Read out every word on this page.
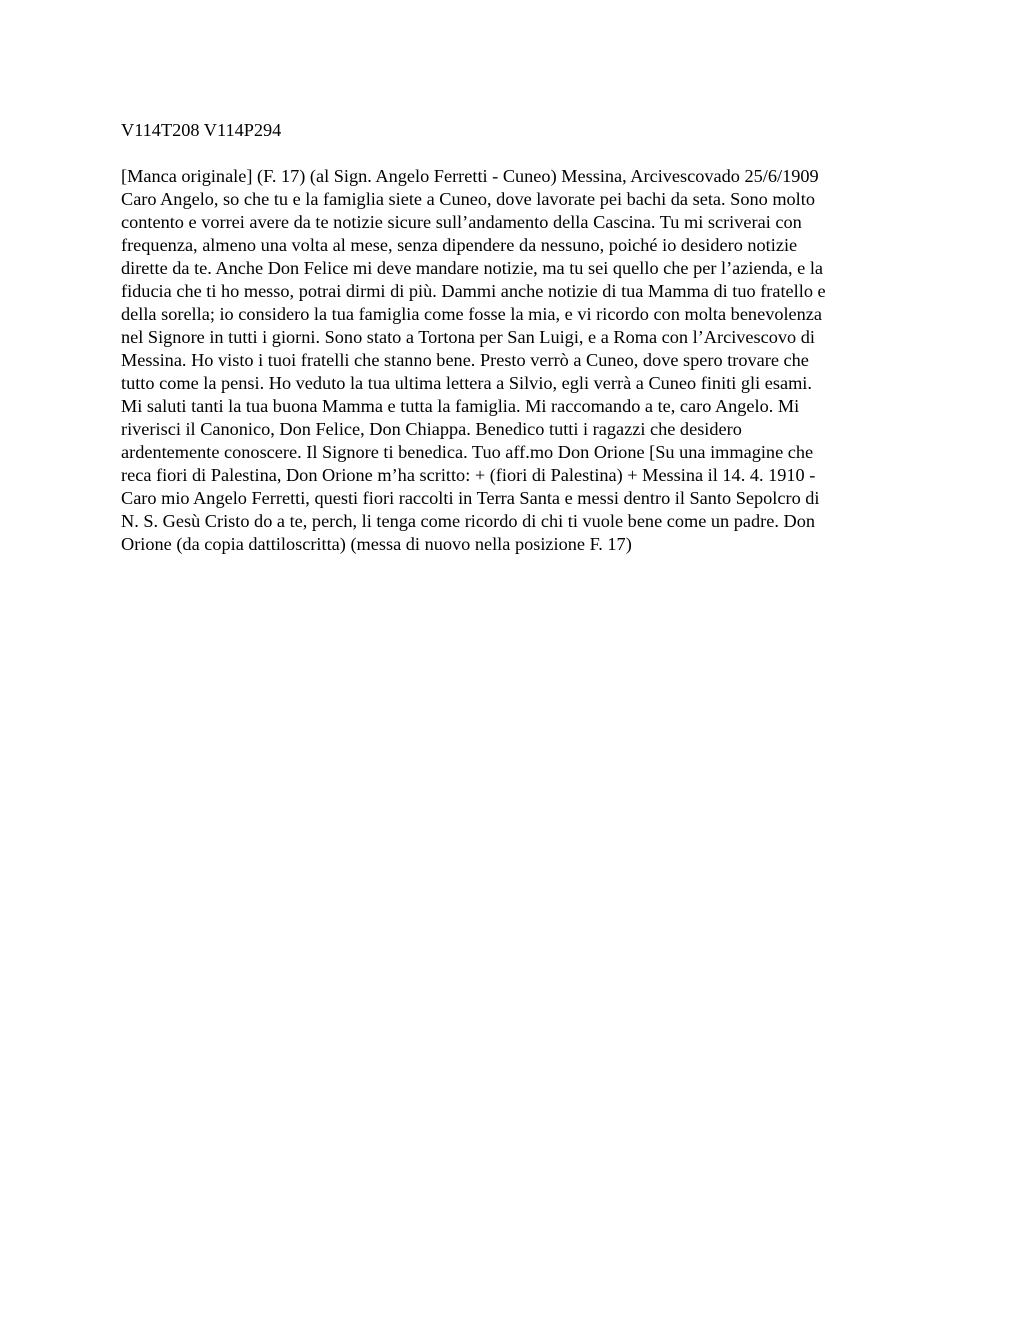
V114T208 V114P294

[Manca originale] (F. 17) (al Sign. Angelo Ferretti - Cuneo) Messina, Arcivescovado 25/6/1909
Caro Angelo, so che tu e la famiglia siete a Cuneo, dove lavorate pei bachi da seta. Sono molto
contento e vorrei avere da te notizie sicure sull’andamento della Cascina. Tu mi scriverai con
frequenza, almeno una volta al mese, senza dipendere da nessuno, poiché io desidero notizie
dirette da te. Anche Don Felice mi deve mandare notizie, ma tu sei quello che per l’azienda, e la
fiducia che ti ho messo, potrai dirmi di più. Dammi anche notizie di tua Mamma di tuo fratello e
della sorella; io considero la tua famiglia come fosse la mia, e vi ricordo con molta benevolenza
nel Signore in tutti i giorni. Sono stato a Tortona per San Luigi, e a Roma con l’Arcivescovo di
Messina. Ho visto i tuoi fratelli che stanno bene. Presto verrò a Cuneo, dove spero trovare che
tutto come la pensi. Ho veduto la tua ultima lettera a Silvio, egli verrà a Cuneo finiti gli esami.
Mi saluti tanti la tua buona Mamma e tutta la famiglia. Mi raccomando a te, caro Angelo. Mi
riverisci il Canonico, Don Felice, Don Chiappa. Benedico tutti i ragazzi che desidero
ardentemente conoscere. Il Signore ti benedica. Tuo aff.mo Don Orione [Su una immagine che
reca fiori di Palestina, Don Orione m’ha scritto: + (fiori di Palestina) + Messina il 14. 4. 1910 -
Caro mio Angelo Ferretti, questi fiori raccolti in Terra Santa e messi dentro il Santo Sepolcro di
N. S. Gesù Cristo do a te, perch, li tenga come ricordo di chi ti vuole bene come un padre. Don
Orione (da copia dattiloscritta) (messa di nuovo nella posizione F. 17)
